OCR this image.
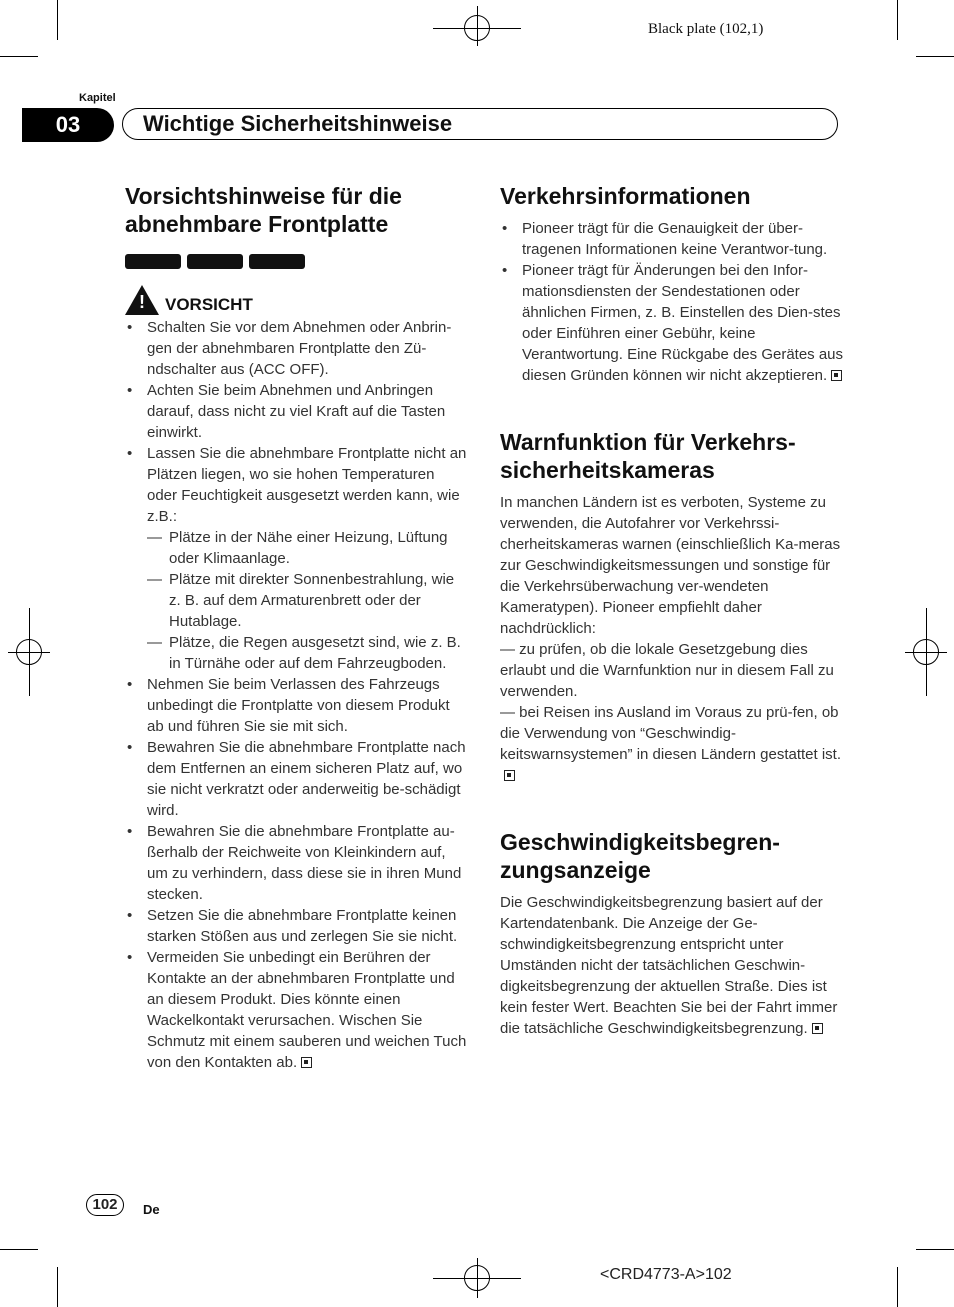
Black plate (102,1)
Kapitel
03	Wichtige Sicherheitshinweise
Vorsichtshinweise für die abnehmbare Frontplatte
! VORSICHT
• Schalten Sie vor dem Abnehmen oder Anbrin-gen der abnehmbaren Frontplatte den Zü-ndschalter aus (ACC OFF).
• Achten Sie beim Abnehmen und Anbringen darauf, dass nicht zu viel Kraft auf die Tasten einwirkt.
• Lassen Sie die abnehmbare Frontplatte nicht an Plätzen liegen, wo sie hohen Temperaturen oder Feuchtigkeit ausgesetzt werden kann, wie z.B.:
— Plätze in der Nähe einer Heizung, Lüftung oder Klimaanlage.
— Plätze mit direkter Sonnenbestrahlung, wie z. B. auf dem Armaturenbrett oder der Hutablage.
— Plätze, die Regen ausgesetzt sind, wie z. B. in Türnähe oder auf dem Fahrzeugboden.
• Nehmen Sie beim Verlassen des Fahrzeugs unbedingt die Frontplatte von diesem Produkt ab und führen Sie sie mit sich.
• Bewahren Sie die abnehmbare Frontplatte nach dem Entfernen an einem sicheren Platz auf, wo sie nicht verkratzt oder anderweitig be-schädigt wird.
• Bewahren Sie die abnehmbare Frontplatte au-ßerhalb der Reichweite von Kleinkindern auf, um zu verhindern, dass diese sie in ihren Mund stecken.
• Setzen Sie die abnehmbare Frontplatte keinen starken Stößen aus und zerlegen Sie sie nicht.
• Vermeiden Sie unbedingt ein Berühren der Kontakte an der abnehmbaren Frontplatte und an diesem Produkt. Dies könnte einen Wackelkontakt verursachen. Wischen Sie Schmutz mit einem sauberen und weichen Tuch von den Kontakten ab.
Verkehrsinformationen
• Pioneer trägt für die Genauigkeit der über-tragenen Informationen keine Verantwor-tung.
• Pioneer trägt für Änderungen bei den Infor-mationsdiensten der Sendestationen oder ähnlichen Firmen, z. B. Einstellen des Dien-stes oder Einführen einer Gebühr, keine Verantwortung. Eine Rückgabe des Gerätes aus diesen Gründen können wir nicht akzeptieren.
Warnfunktion für Verkehrs-sicherheitskameras
In manchen Ländern ist es verboten, Systeme zu verwenden, die Autofahrer vor Verkehrssi-cherheitskameras warnen (einschließlich Ka-meras zur Geschwindigkeitsmessungen und sonstige für die Verkehrsüberwachung ver-wendeten Kameratypen). Pioneer empfiehlt daher nachdrücklich:
— zu prüfen, ob die lokale Gesetzgebung dies erlaubt und die Warnfunktion nur in diesem Fall zu verwenden.
— bei Reisen ins Ausland im Voraus zu prü-fen, ob die Verwendung von “Geschwindig-keitswarnsystemen” in diesen Ländern gestattet ist.
Geschwindigkeitsbegren-zungsanzeige
Die Geschwindigkeitsbegrenzung basiert auf der Kartendatenbank. Die Anzeige der Ge-schwindigkeitsbegrenzung entspricht unter Umständen nicht der tatsächlichen Geschwin-digkeitsbegrenzung der aktuellen Straße. Dies ist kein fester Wert. Beachten Sie bei der Fahrt immer die tatsächliche Geschwindigkeitsbegrenzung.
102	De
<CRD4773-A>102
